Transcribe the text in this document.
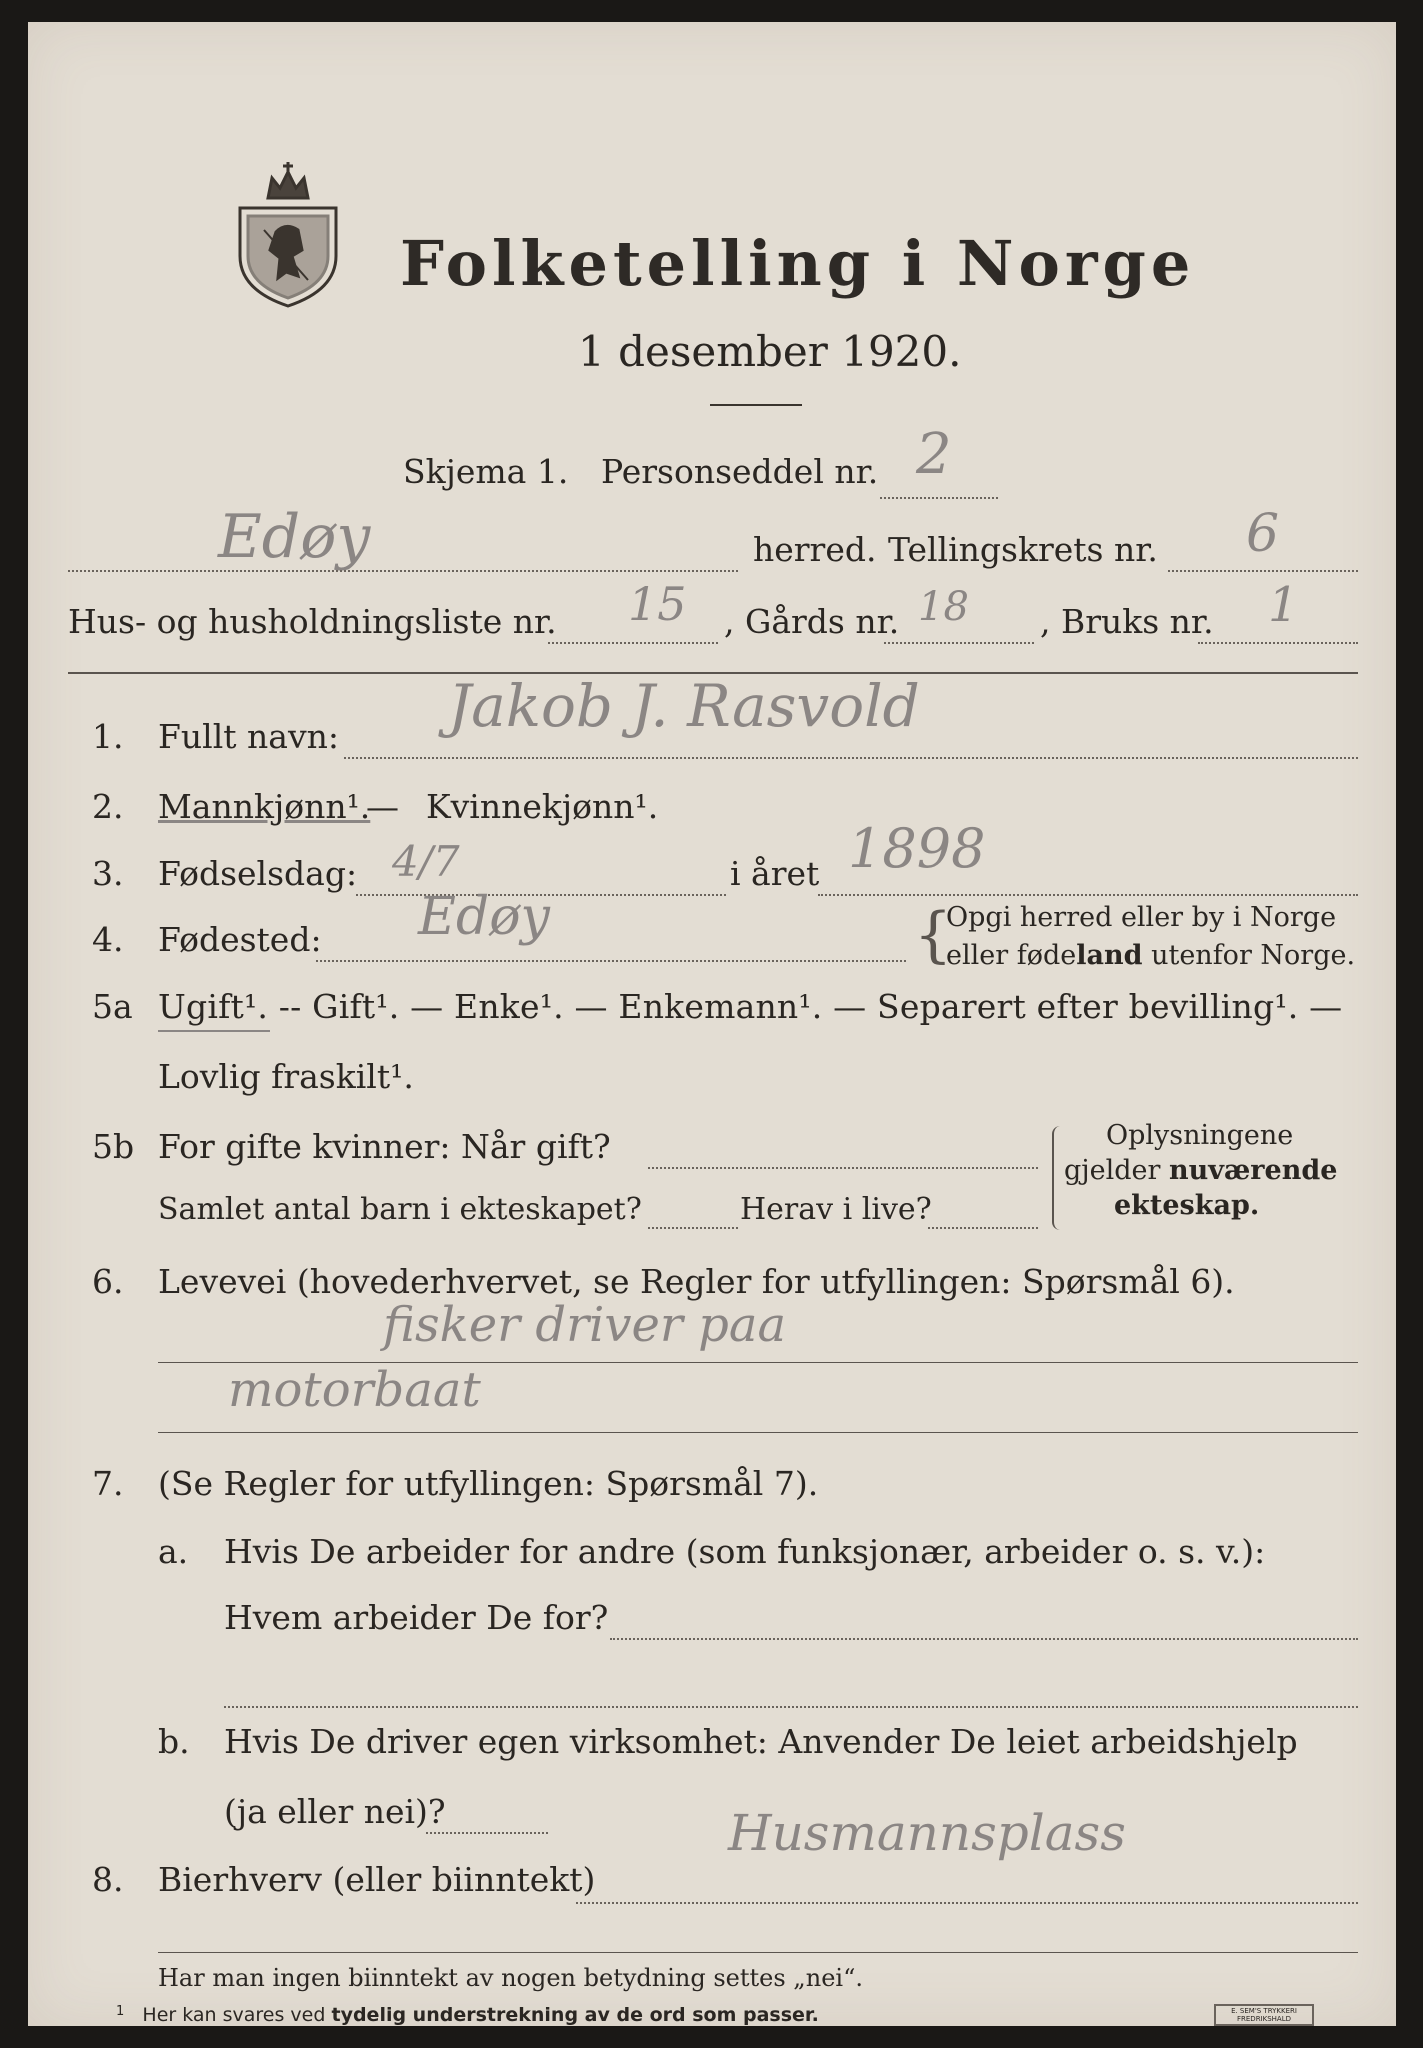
Folketelling i Norge
1 desember 1920.
Skjema 1. Personseddel nr. 2
Edøy	herred. Tellingskrets nr. 6
Hus- og husholdningsliste nr. 15 , Gårds nr. 18 , Bruks nr. 1
1. Fullt navn: Jakob J. Rasvold
2. Mannkjønn¹.
— Kvinnekjønn¹.
3. Fødselsdag: 4/7	i året 1898
4. Fødested: Edøy	{
Opgi herred eller by i Norge
eller fødeland utenfor Norge.
5a Ugift¹. -- Gift¹. — Enke¹. — Enkemann¹. — Separert efter bevilling¹. —
Lovlig fraskilt¹.
5b For gifte kvinner: Når gift?
Samlet antal barn i ekteskapet?	Herav i live?
Oplysningene
gjelder nuværende
ekteskap.
6. Levevei (hovederhvervet, se Regler for utfyllingen: Spørsmål 6).
fisker driver paa
motorbaat
7. (Se Regler for utfyllingen: Spørsmål 7).
a. Hvis De arbeider for andre (som funksjonær, arbeider o. s. v.):
Hvem arbeider De for?
b. Hvis De driver egen virksomhet: Anvender De leiet arbeidshjelp
(ja eller nei)?
8. Bierhverv (eller biinntekt)
Husmannsplass
Har man ingen biinntekt av nogen betydning settes „nei“.
$^1$ Her kan svares ved tydelig understrekning av de ord som passer.	E. SEM'S TRYKKERI FREDRIKSHALD
